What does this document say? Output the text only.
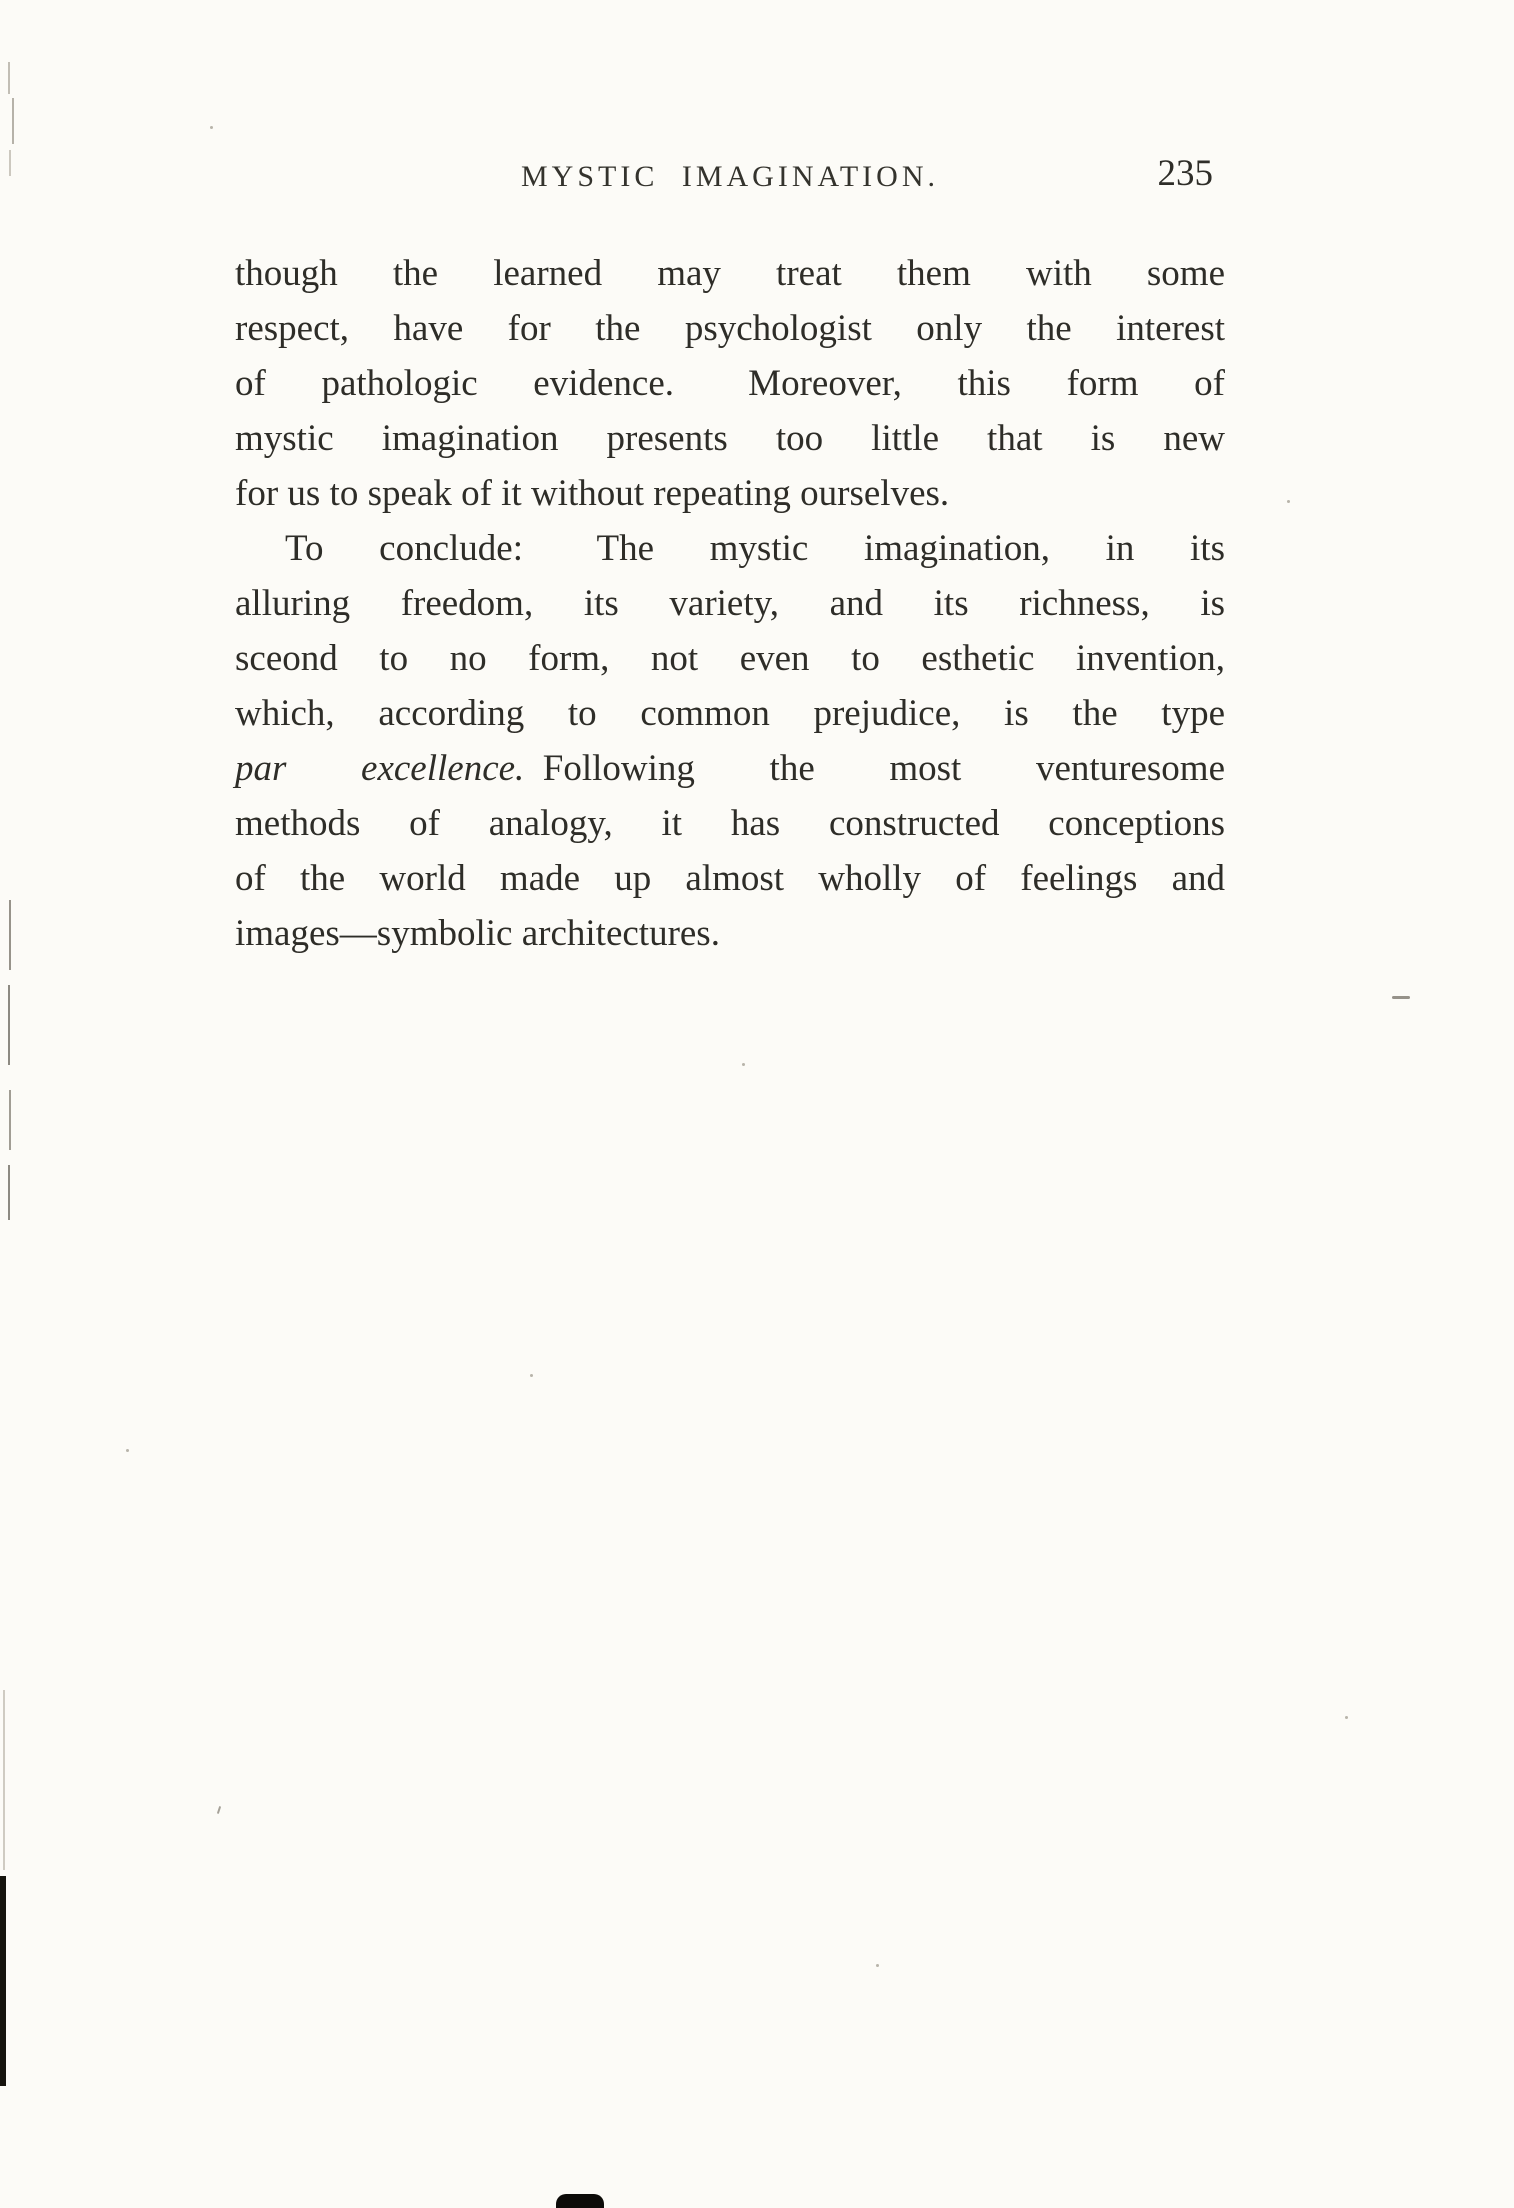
MYSTIC IMAGINATION.	235
though the learned may treat them with some
respect, have for the psychologist only the interest
of pathologic evidence.  Moreover, this form of
mystic imagination presents too little that is new
for us to speak of it without repeating ourselves.
To conclude:  The mystic imagination, in its
alluring freedom, its variety, and its richness, is
sceond to no form, not even to esthetic invention,
which, according to common prejudice, is the type
par excellence. Following the most venturesome
methods of analogy, it has constructed conceptions
of the world made up almost wholly of feelings and
images—symbolic architectures.
